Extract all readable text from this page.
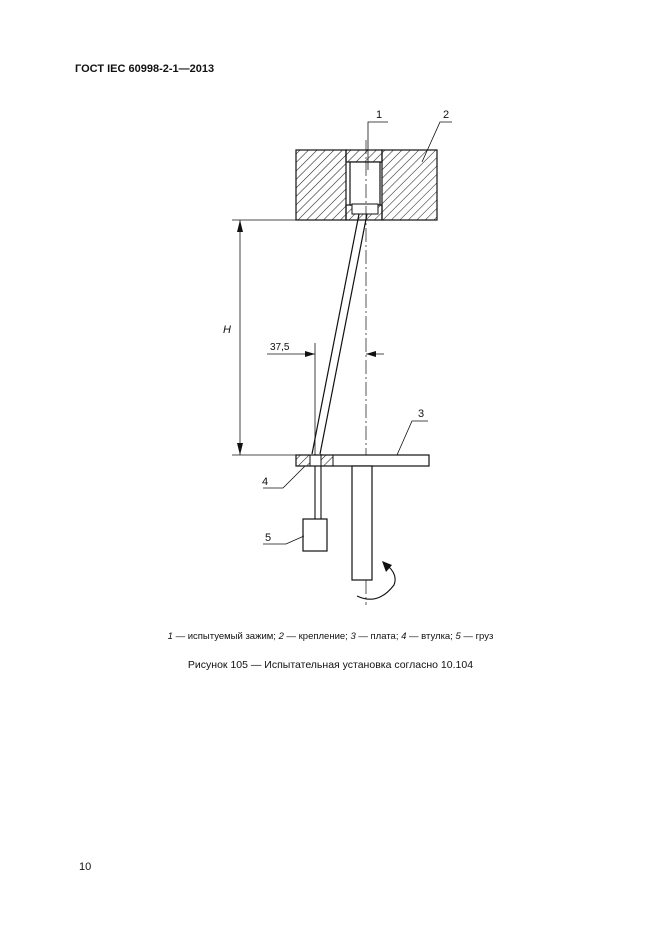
ГОСТ IEC 60998-2-1—2013
H
37,5
1	2
3
4
5
1 — испытуемый зажим; 2 — крепление; 3 — плата; 4 — втулка; 5 — груз
Рисунок 105 — Испытательная установка согласно 10.104
10
